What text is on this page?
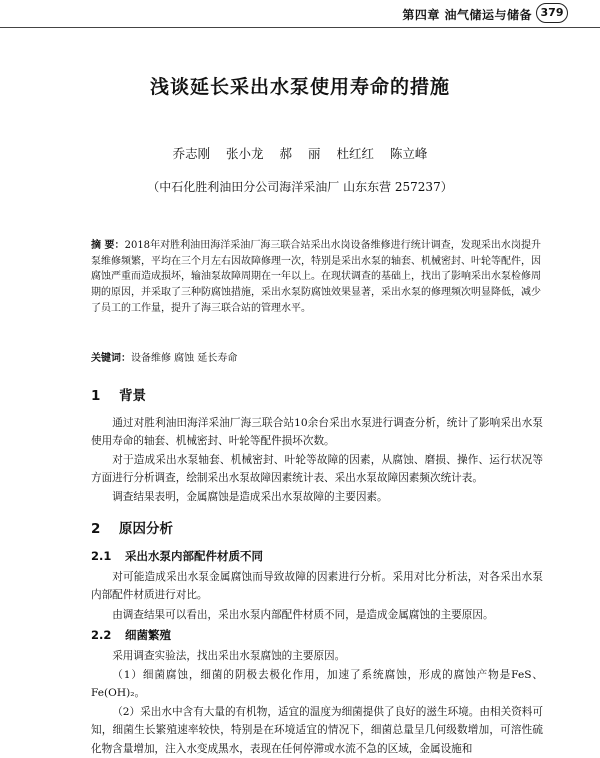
第四章 油气储运与储备 379
浅谈延长采出水泵使用寿命的措施
乔志刚 张小龙 郝 丽 杜红红 陈立峰
（中石化胜利油田分公司海洋采油厂 山东东营 257237）
摘 要：2018年对胜利油田海洋采油厂海三联合站采出水岗设备维修进行统计调查，发现采出水岗提升泵维修频繁，平均在三个月左右因故障修理一次，特别是采出水泵的轴套、机械密封、叶轮等配件，因腐蚀严重而造成损坏，输油泵故障周期在一年以上。在现状调查的基础上，找出了影响采出水泵检修周期的原因，并采取了三种防腐蚀措施，采出水泵防腐蚀效果显著，采出水泵的修理频次明显降低，减少了员工的工作量，提升了海三联合站的管理水平。
关键词：设备维修 腐蚀 延长寿命
1 背景

通过对胜利油田海洋采油厂海三联合站10余台采出水泵进行调查分析，统计了影响采出水泵使用寿命的轴套、机械密封、叶轮等配件损坏次数。

对于造成采出水泵轴套、机械密封、叶轮等故障的因素，从腐蚀、磨损、操作、运行状况等方面进行分析调查，绘制采出水泵故障因素统计表、采出水泵故障因素频次统计表。

调查结果表明，金属腐蚀是造成采出水泵故障的主要因素。

2 原因分析
2.1 采出水泵内部配件材质不同

对可能造成采出水泵金属腐蚀而导致故障的因素进行分析。采用对比分析法，对各采出水泵内部配件材质进行对比。

由调查结果可以看出，采出水泵内部配件材质不同，是造成金属腐蚀的主要原因。

2.2 细菌繁殖

采用调查实验法，找出采出水泵腐蚀的主要原因。

（1）细菌腐蚀，细菌的阴极去极化作用，加速了系统腐蚀，形成的腐蚀产物是FeS、Fe(OH)₂。

（2）采出水中含有大量的有机物，适宜的温度为细菌提供了良好的滋生环境。由相关资料可知，细菌生长繁殖速率较快，特别是在环境适宜的情况下，细菌总量呈几何级数增加，可溶性硫化物含量增加，注入水变成黑水，表现在任何停滞或水流不急的区域，金属设施和
